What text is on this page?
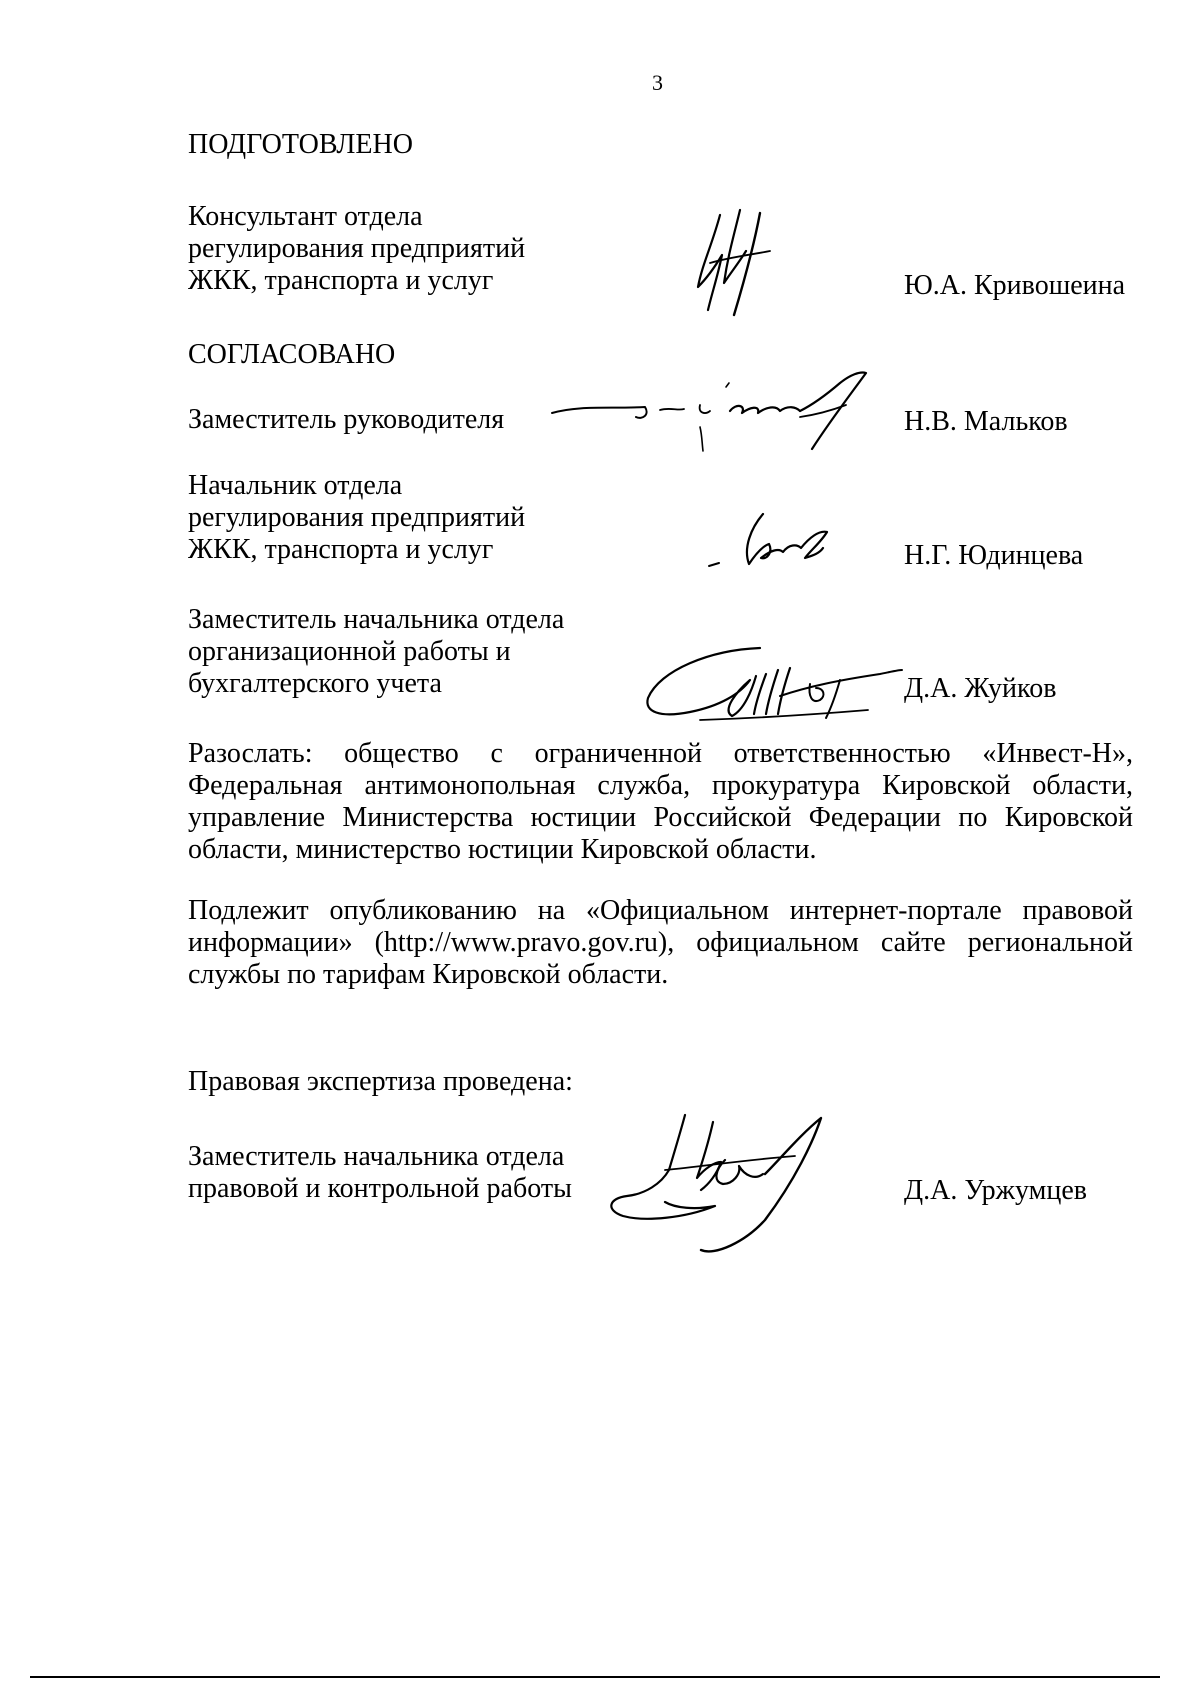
3
ПОДГОТОВЛЕНО
Консультант отдела
регулирования предприятий
ЖКК, транспорта и услуг	Ю.А. Кривошеина
СОГЛАСОВАНО
Заместитель руководителя	Н.В. Мальков
Начальник отдела
регулирования предприятий
ЖКК, транспорта и услуг	Н.Г. Юдинцева
Заместитель начальника отдела
организационной работы и
бухгалтерского учета	Д.А. Жуйков
Разослать: общество с ограниченной ответственностью «Инвест-Н»,
Федеральная антимонопольная служба, прокуратура Кировской области,
управление Министерства юстиции Российской Федерации по Кировской
области, министерство юстиции Кировской области.
Подлежит опубликованию на «Официальном интернет-портале правовой
информации» (http://www.pravo.gov.ru), официальном сайте региональной
службы по тарифам Кировской области.
Правовая экспертиза проведена:
Заместитель начальника отдела
правовой и контрольной работы	Д.А. Уржумцев
